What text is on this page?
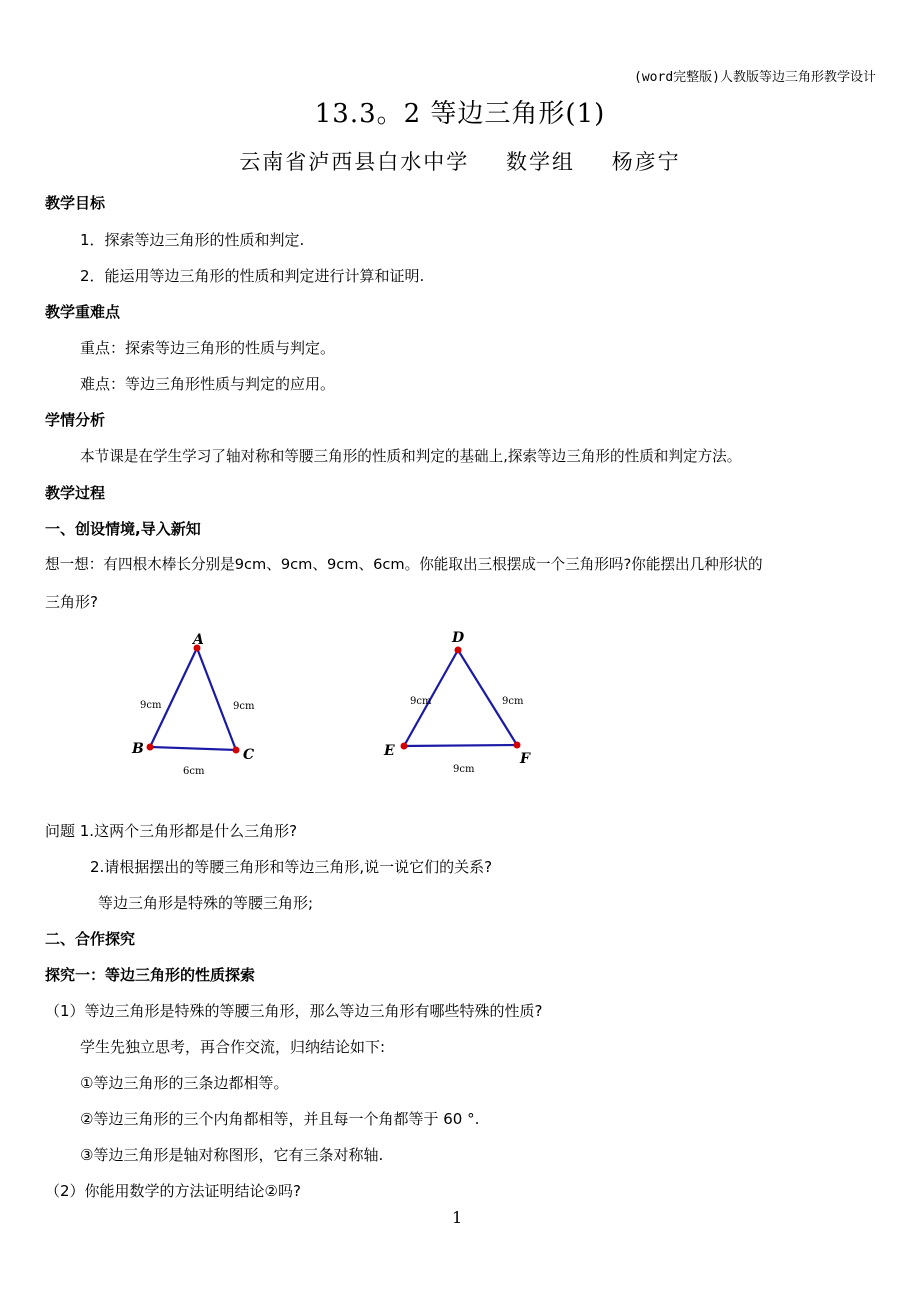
(word完整版)人教版等边三角形教学设计
13.3。2 等边三角形(1)
云南省泸西县白水中学 数学组 杨彦宁
教学目标
1．探索等边三角形的性质和判定.
2．能运用等边三角形的性质和判定进行计算和证明.
教学重难点
重点：探索等边三角形的性质与判定。
难点：等边三角形性质与判定的应用。
学情分析
本节课是在学生学习了轴对称和等腰三角形的性质和判定的基础上,探索等边三角形的性质和判定方法。
教学过程
一、创设情境,导入新知
想一想：有四根木棒长分别是9cm、9cm、9cm、6cm。你能取出三根摆成一个三角形吗?你能摆出几种形状的
三角形?
A
B	C
9cm	9cm
6cm
D
E	F
9cm	9cm
9cm
问题 1.这两个三角形都是什么三角形?
2.请根据摆出的等腰三角形和等边三角形,说一说它们的关系?
等边三角形是特殊的等腰三角形;
二、合作探究
探究一：等边三角形的性质探索
（1）等边三角形是特殊的等腰三角形，那么等边三角形有哪些特殊的性质?
学生先独立思考，再合作交流，归纳结论如下:
①等边三角形的三条边都相等。
②等边三角形的三个内角都相等，并且每一个角都等于 60 °.
③等边三角形是轴对称图形，它有三条对称轴.
（2）你能用数学的方法证明结论②吗?
1
